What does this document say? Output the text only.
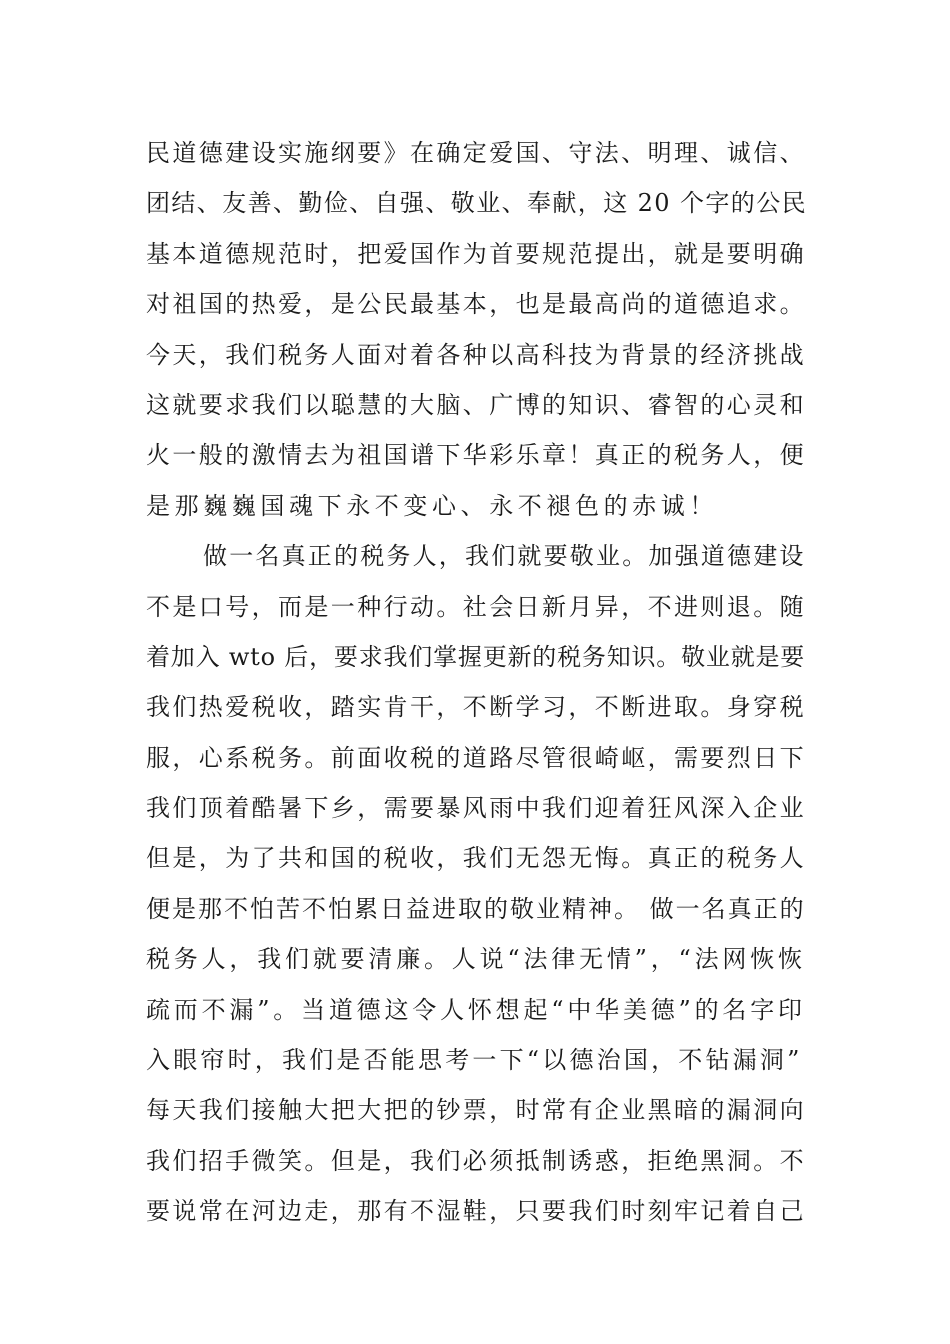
民道德建设实施纲要》在确定爱国、守法、明理、诚信、
团结、友善、勤俭、自强、敬业、奉献，这 20 个字的公民
基本道德规范时，把爱国作为首要规范提出，就是要明确
对祖国的热爱，是公民最基本，也是最高尚的道德追求。
今天，我们税务人面对着各种以高科技为背景的经济挑战
这就要求我们以聪慧的大脑、广博的知识、睿智的心灵和
火一般的激情去为祖国谱下华彩乐章！真正的税务人，便
是那巍巍国魂下永不变心、永不褪色的赤诚！
做一名真正的税务人，我们就要敬业。加强道德建设
不是口号，而是一种行动。社会日新月异，不进则退。随
着加入 wto 后，要求我们掌握更新的税务知识。敬业就是要
我们热爱税收，踏实肯干，不断学习，不断进取。身穿税
服，心系税务。前面收税的道路尽管很崎岖，需要烈日下
我们顶着酷暑下乡，需要暴风雨中我们迎着狂风深入企业
但是，为了共和国的税收，我们无怨无悔。真正的税务人
便是那不怕苦不怕累日益进取的敬业精神。 做一名真正的
税务人，我们就要清廉。人说“法律无情”，“法网恢恢
疏而不漏”。当道德这令人怀想起“中华美德”的名字印
入眼帘时，我们是否能思考一下“以德治国，不钻漏洞”
每天我们接触大把大把的钞票，时常有企业黑暗的漏洞向
我们招手微笑。但是，我们必须抵制诱惑，拒绝黑洞。不
要说常在河边走，那有不湿鞋，只要我们时刻牢记着自己
